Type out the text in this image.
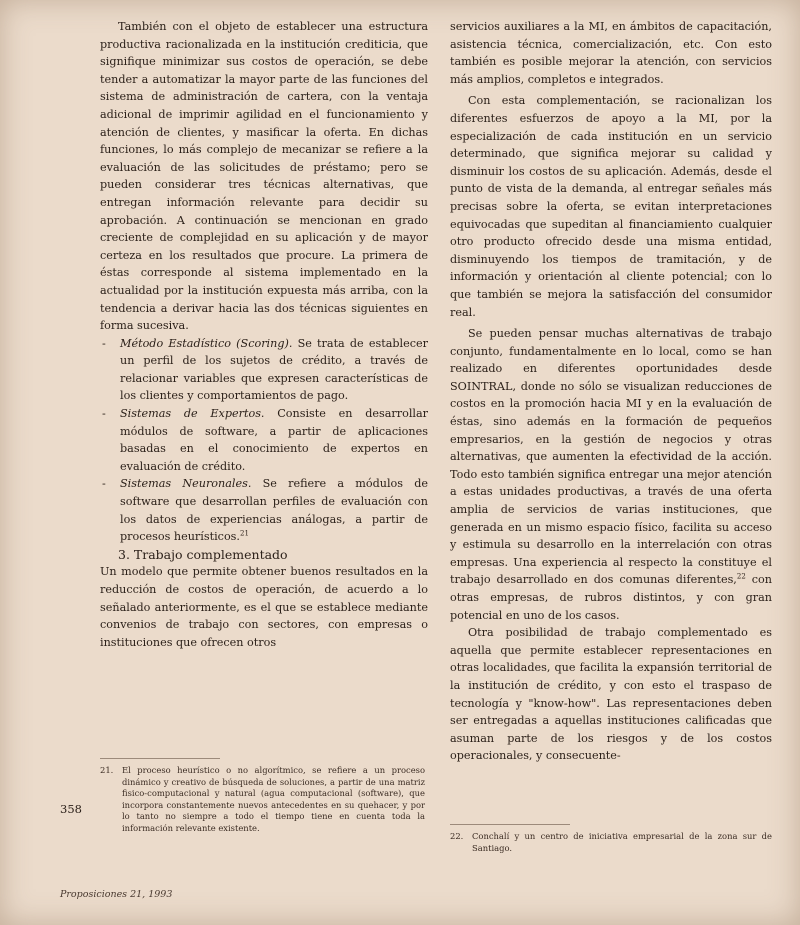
También con el objeto de establecer una estructura productiva racionalizada en la institución crediticia, que signifique minimizar sus costos de operación, se debe tender a automatizar la mayor parte de las funciones del sistema de administración de cartera, con la ventaja adicional de imprimir agilidad en el funcionamiento y atención de clientes, y masificar la oferta. En dichas funciones, lo más complejo de mecanizar se refiere a la evaluación de las solicitudes de préstamo; pero se pueden considerar tres técnicas alternativas, que entregan información relevante para decidir su aprobación. A continuación se mencionan en grado creciente de complejidad en su aplicación y de mayor certeza en los resultados que procure. La primera de éstas corresponde al sistema implementado en la actualidad por la institución expuesta más arriba, con la tendencia a derivar hacia las dos técnicas siguientes en forma sucesiva.

- Método Estadístico (Scoring). Se trata de establecer un perfil de los sujetos de crédito, a través de relacionar variables que expresen características de los clientes y comportamientos de pago.
- Sistemas de Expertos. Consiste en desarrollar módulos de software, a partir de aplicaciones basadas en el conocimiento de expertos en evaluación de crédito.
- Sistemas Neuronales. Se refiere a módulos de software que desarrollan perfiles de evaluación con los datos de experiencias análogas, a partir de procesos heurísticos.$^{21}$

3. Trabajo complementado

Un modelo que permite obtener buenos resultados en la reducción de costos de operación, de acuerdo a lo señalado anteriormente, es el que se establece mediante convenios de trabajo con sectores, con empresas o instituciones que ofrecen otros

servicios auxiliares a la MI, en ámbitos de capacitación, asistencia técnica, comercialización, etc. Con esto también es posible mejorar la atención, con servicios más amplios, completos e integrados.

Con esta complementación, se racionalizan los diferentes esfuerzos de apoyo a la MI, por la especialización de cada institución en un servicio determinado, que significa mejorar su calidad y disminuir los costos de su aplicación. Además, desde el punto de vista de la demanda, al entregar señales más precisas sobre la oferta, se evitan interpretaciones equivocadas que supeditan al financiamiento cualquier otro producto ofrecido desde una misma entidad, disminuyendo los tiempos de tramitación, y de información y orientación al cliente potencial; con lo que también se mejora la satisfacción del consumidor real.

Se pueden pensar muchas alternativas de trabajo conjunto, fundamentalmente en lo local, como se han realizado en diferentes oportunidades desde SOINTRAL, donde no sólo se visualizan reducciones de costos en la promoción hacia MI y en la evaluación de éstas, sino además en la formación de pequeños empresarios, en la gestión de negocios y otras alternativas, que aumenten la efectividad de la acción. Todo esto también significa entregar una mejor atención a estas unidades productivas, a través de una oferta amplia de servicios de varias instituciones, que generada en un mismo espacio físico, facilita su acceso y estimula su desarrollo en la interrelación con otras empresas. Una experiencia al respecto la constituye el trabajo desarrollado en dos comunas diferentes,$^{22}$ con otras empresas, de rubros distintos, y con gran potencial en uno de los casos.

Otra posibilidad de trabajo complementado es aquella que permite establecer representaciones en otras localidades, que facilita la expansión territorial de la institución de crédito, y con esto el traspaso de tecnología y "know-how". Las representaciones deben ser entregadas a aquellas instituciones calificadas que asuman parte de los riesgos y de los costos operacionales, y consecuente-

21. El proceso heurístico o no algorítmico, se refiere a un proceso dinámico y creativo de búsqueda de soluciones, a partir de una matriz fisico-computacional y natural (agua computacional (software), que incorpora constantemente nuevos antecedentes en su quehacer, y por lo tanto no siempre a todo el tiempo tiene en cuenta toda la información relevante existente.

22. Conchalí y un centro de iniciativa empresarial de la zona sur de Santiago.

358
Proposiciones 21, 1993
